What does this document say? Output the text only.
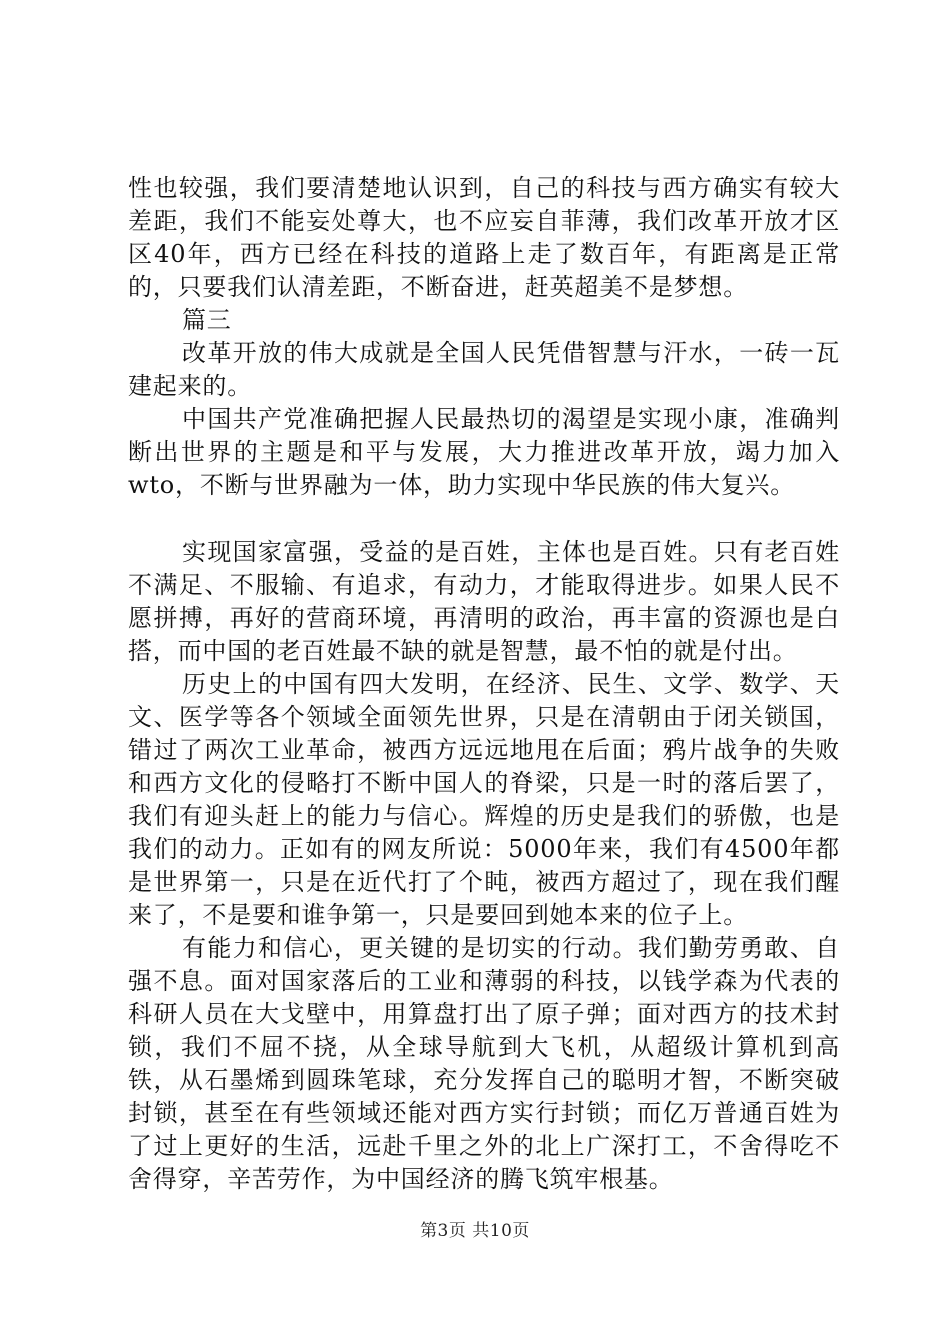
性也较强，我们要清楚地认识到，自己的科技与西方确实有较大差距，我们不能妄处尊大，也不应妄自菲薄，我们改革开放才区区40年，西方已经在科技的道路上走了数百年，有距离是正常的，只要我们认清差距，不断奋进，赶英超美不是梦想。

篇三

改革开放的伟大成就是全国人民凭借智慧与汗水，一砖一瓦建起来的。

中国共产党准确把握人民最热切的渴望是实现小康，准确判断出世界的主题是和平与发展，大力推进改革开放，竭力加入wto，不断与世界融为一体，助力实现中华民族的伟大复兴。

实现国家富强，受益的是百姓，主体也是百姓。只有老百姓不满足、不服输、有追求，有动力，才能取得进步。如果人民不愿拼搏，再好的营商环境，再清明的政治，再丰富的资源也是白搭，而中国的老百姓最不缺的就是智慧，最不怕的就是付出。

历史上的中国有四大发明，在经济、民生、文学、数学、天文、医学等各个领域全面领先世界，只是在清朝由于闭关锁国，错过了两次工业革命，被西方远远地甩在后面；鸦片战争的失败和西方文化的侵略打不断中国人的脊梁，只是一时的落后罢了，我们有迎头赶上的能力与信心。辉煌的历史是我们的骄傲，也是我们的动力。正如有的网友所说：5000年来，我们有4500年都是世界第一，只是在近代打了个盹，被西方超过了，现在我们醒来了，不是要和谁争第一，只是要回到她本来的位子上。

有能力和信心，更关键的是切实的行动。我们勤劳勇敢、自强不息。面对国家落后的工业和薄弱的科技，以钱学森为代表的科研人员在大戈壁中，用算盘打出了原子弹；面对西方的技术封锁，我们不屈不挠，从全球导航到大飞机，从超级计算机到高铁，从石墨烯到圆珠笔球，充分发挥自己的聪明才智，不断突破封锁，甚至在有些领域还能对西方实行封锁；而亿万普通百姓为了过上更好的生活，远赴千里之外的北上广深打工，不舍得吃不舍得穿，辛苦劳作，为中国经济的腾飞筑牢根基。

第3页 共10页
